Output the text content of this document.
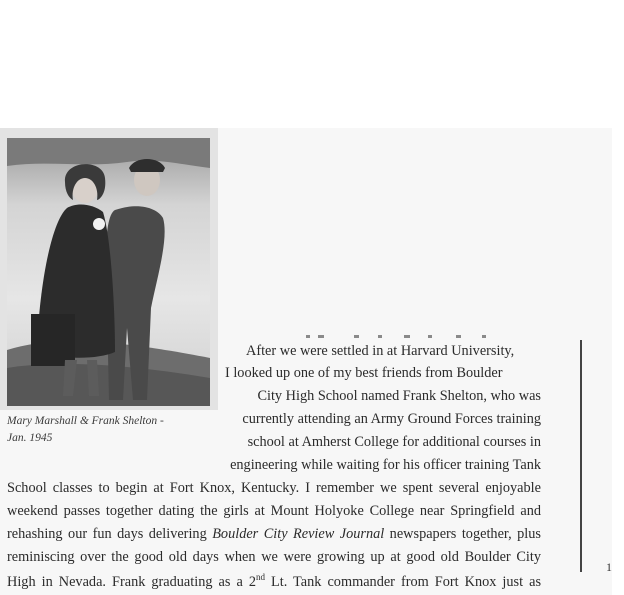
Mary Marshall & Frank Shelton -
Jan. 1945
After we were settled in at Harvard University,
I looked up one of my best friends from Boulder
City High School named Frank Shelton, who was
currently attending an Army Ground Forces training
school at Amherst College for additional courses in
engineering while waiting for his officer training Tank
School classes to begin at Fort Knox, Kentucky. I remember we spent several enjoyable
weekend passes together dating the girls at Mount Holyoke College near Springfield and
rehashing our fun days delivering Boulder City Review Journal newspapers together, plus
reminiscing over the good old days when we were growing up at good old Boulder City
High in Nevada. Frank graduating as a 2nd Lt. Tank commander from Fort Knox just as
1
